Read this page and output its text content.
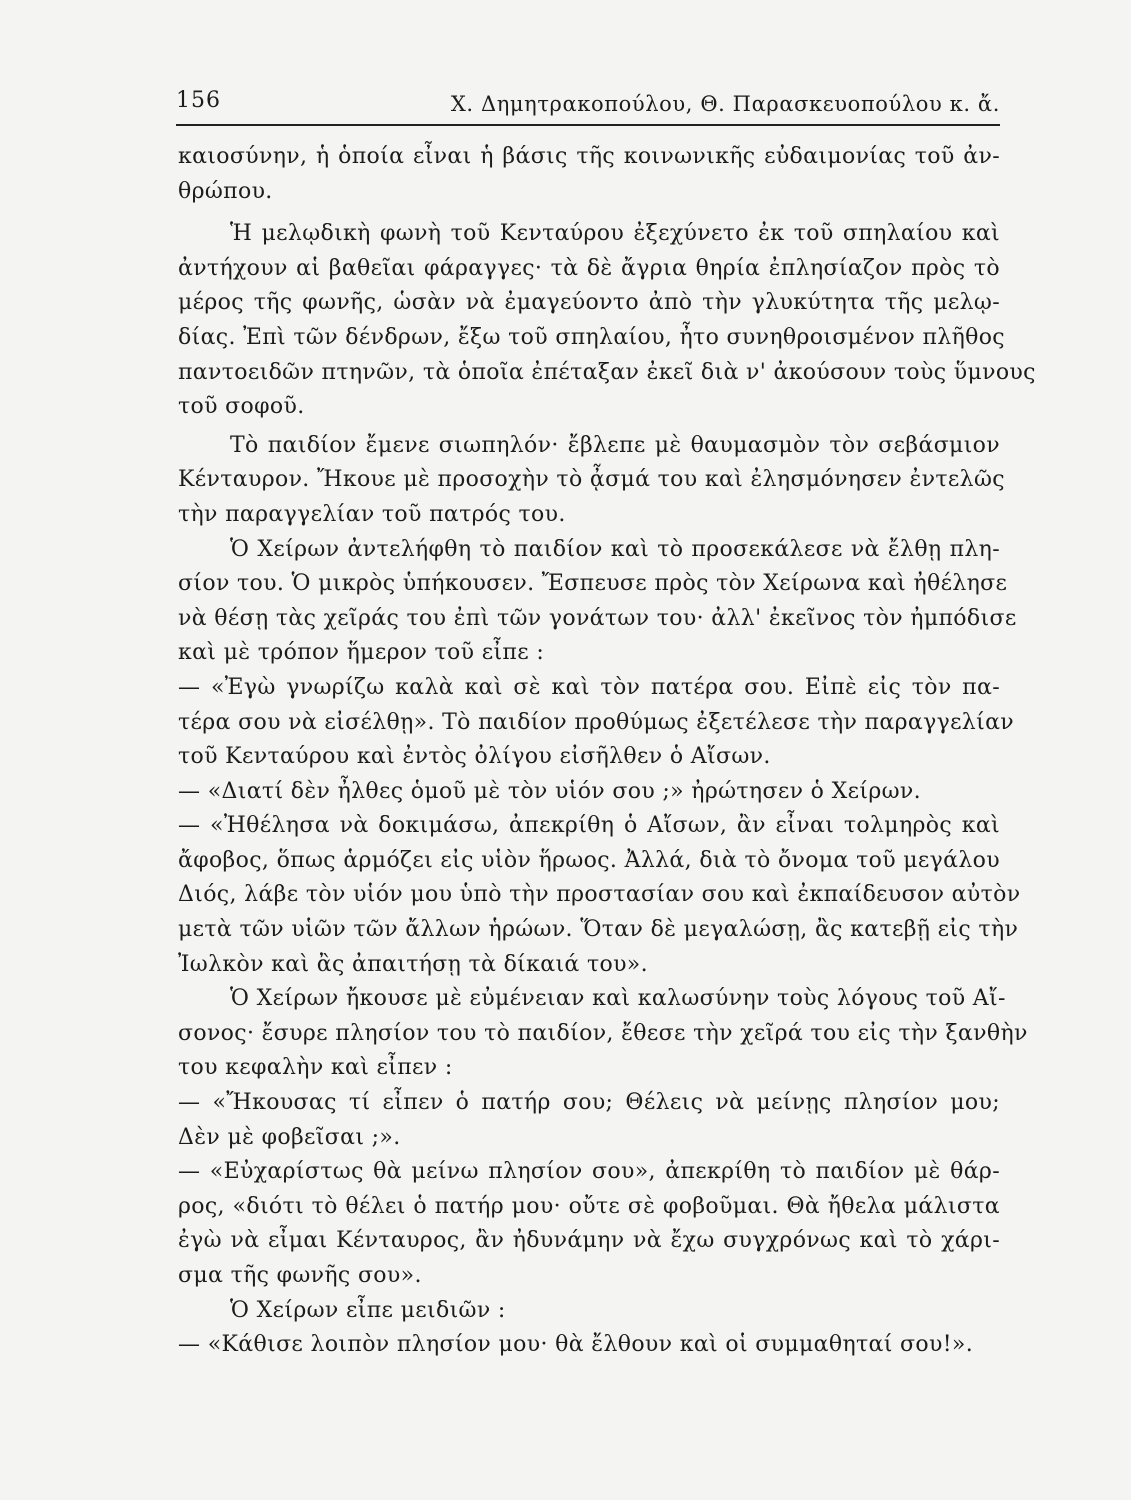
156	Χ. Δημητρακοπούλου, Θ. Παρασκευοπούλου κ. ἄ.
καιοσύνην, ἡ ὁποία εἶναι ἡ βάσις τῆς κοινωνικῆς εὐδαιμονίας τοῦ ἀν-
θρώπου.
Ἡ μελῳδικὴ φωνὴ τοῦ Κενταύρου ἐξεχύνετο ἐκ τοῦ σπηλαίου καὶ
ἀντήχουν αἱ βαθεῖαι φάραγγες· τὰ δὲ ἄγρια θηρία ἐπλησίαζον πρὸς τὸ
μέρος τῆς φωνῆς, ὡσὰν νὰ ἐμαγεύοντο ἀπὸ τὴν γλυκύτητα τῆς μελῳ-
δίας. Ἐπὶ τῶν δένδρων, ἔξω τοῦ σπηλαίου, ἦτο συνηθροισμένον πλῆθος
παντοειδῶν πτηνῶν, τὰ ὁποῖα ἐπέταξαν ἐκεῖ διὰ ν' ἀκούσουν τοὺς ὕμνους
τοῦ σοφοῦ.
Τὸ παιδίον ἔμενε σιωπηλόν· ἔβλεπε μὲ θαυμασμὸν τὸν σεβάσμιον
Κένταυρον. Ἤκουε μὲ προσοχὴν τὸ ᾆσμά του καὶ ἐλησμόνησεν ἐντελῶς
τὴν παραγγελίαν τοῦ πατρός του.
Ὁ Χείρων ἀντελήφθη τὸ παιδίον καὶ τὸ προσεκάλεσε νὰ ἔλθῃ πλη-
σίον του. Ὁ μικρὸς ὑπήκουσεν. Ἔσπευσε πρὸς τὸν Χείρωνα καὶ ἠθέλησε
νὰ θέσῃ τὰς χεῖράς του ἐπὶ τῶν γονάτων του· ἀλλ' ἐκεῖνος τὸν ἠμπόδισε
καὶ μὲ τρόπον ἥμερον τοῦ εἶπε :
— «Ἐγὼ γνωρίζω καλὰ καὶ σὲ καὶ τὸν πατέρα σου. Εἰπὲ εἰς τὸν πα-
τέρα σου νὰ εἰσέλθῃ». Τὸ παιδίον προθύμως ἐξετέλεσε τὴν παραγγελίαν
τοῦ Κενταύρου καὶ ἐντὸς ὀλίγου εἰσῆλθεν ὁ Αἴσων.
— «Διατί δὲν ἦλθες ὁμοῦ μὲ τὸν υἱόν σου ;» ἠρώτησεν ὁ Χείρων.
— «Ἠθέλησα νὰ δοκιμάσω, ἀπεκρίθη ὁ Αἴσων, ἂν εἶναι τολμηρὸς καὶ
ἄφοβος, ὅπως ἁρμόζει εἰς υἱὸν ἥρωος. Ἀλλά, διὰ τὸ ὄνομα τοῦ μεγάλου
Διός, λάβε τὸν υἱόν μου ὑπὸ τὴν προστασίαν σου καὶ ἐκπαίδευσον αὐτὸν
μετὰ τῶν υἱῶν τῶν ἄλλων ἡρώων. Ὅταν δὲ μεγαλώσῃ, ἂς κατεβῇ εἰς τὴν
Ἰωλκὸν καὶ ἂς ἀπαιτήσῃ τὰ δίκαιά του».
Ὁ Χείρων ἤκουσε μὲ εὐμένειαν καὶ καλωσύνην τοὺς λόγους τοῦ Αἴ-
σονος· ἔσυρε πλησίον του τὸ παιδίον, ἔθεσε τὴν χεῖρά του εἰς τὴν ξανθὴν
του κεφαλὴν καὶ εἶπεν :
— «Ἤκουσας τί εἶπεν ὁ πατήρ σου; Θέλεις νὰ μείνῃς πλησίον μου;
Δὲν μὲ φοβεῖσαι ;».
— «Εὐχαρίστως θὰ μείνω πλησίον σου», ἀπεκρίθη τὸ παιδίον μὲ θάρ-
ρος, «διότι τὸ θέλει ὁ πατήρ μου· οὔτε σὲ φοβοῦμαι. Θὰ ἤθελα μάλιστα
ἐγὼ νὰ εἶμαι Κένταυρος, ἂν ἠδυνάμην νὰ ἔχω συγχρόνως καὶ τὸ χάρι-
σμα τῆς φωνῆς σου».
Ὁ Χείρων εἶπε μειδιῶν :
— «Κάθισε λοιπὸν πλησίον μου· θὰ ἔλθουν καὶ οἱ συμμαθηταί σου!».
